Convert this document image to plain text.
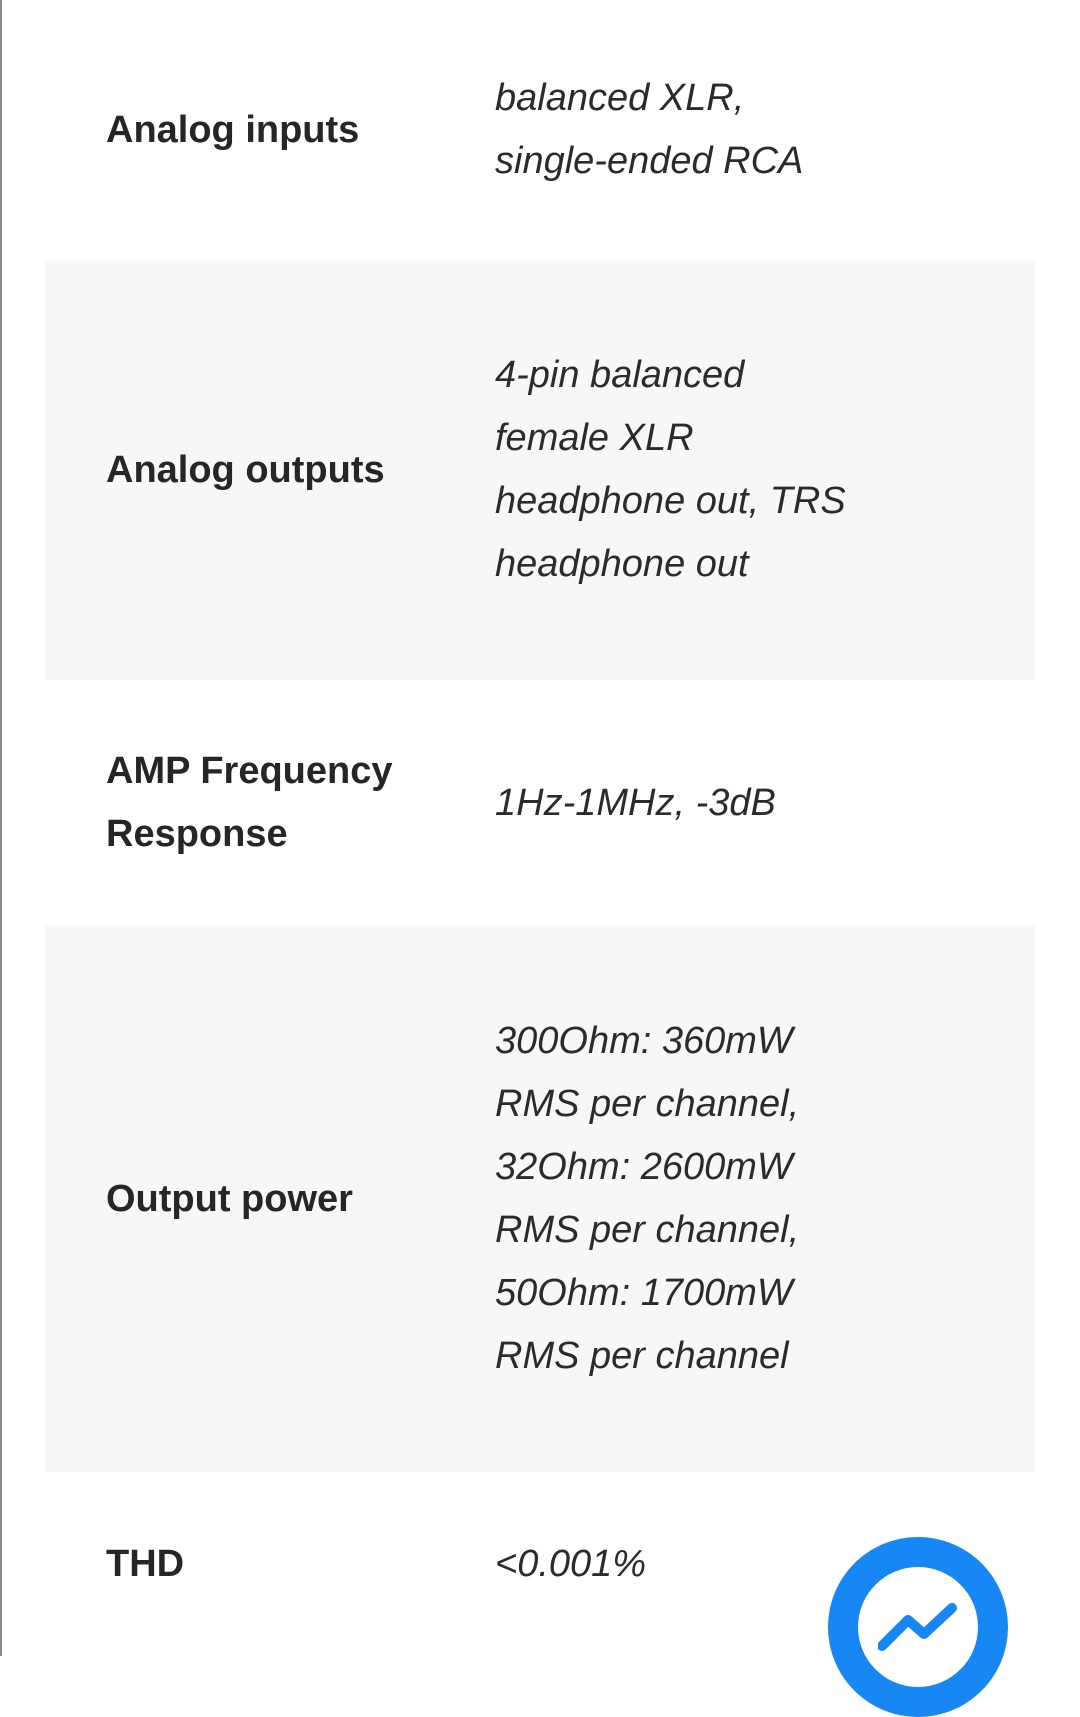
Analog inputs
balanced XLR,
single-ended RCA
Analog outputs
4-pin balanced
female XLR
headphone out, TRS
headphone out
AMP Frequency
Response
1Hz-1MHz, -3dB
Output power
300Ohm: 360mW
RMS per channel,
32Ohm: 2600mW
RMS per channel,
50Ohm: 1700mW
RMS per channel
THD	<0.001%
